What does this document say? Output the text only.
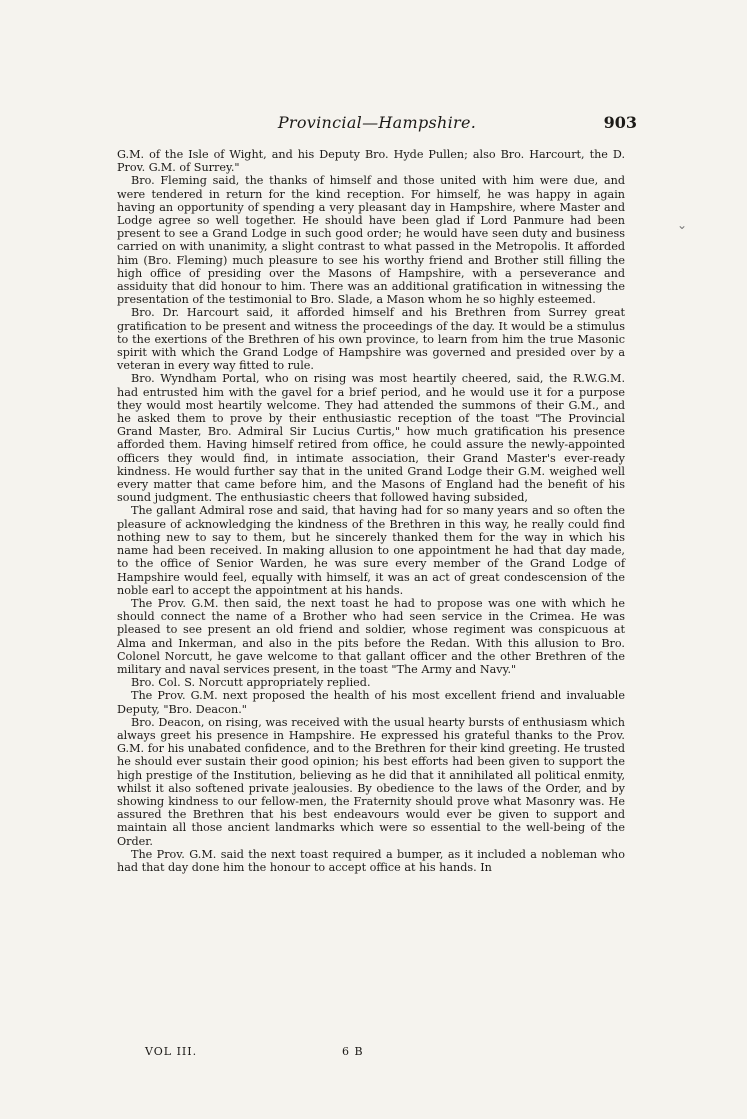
Provincial—Hampshire.	903
⌄

G.M. of the Isle of Wight, and his Deputy Bro. Hyde Pullen; also Bro. Harcourt, the D. Prov. G.M. of Surrey."

Bro. Fleming said, the thanks of himself and those united with him were due, and were tendered in return for the kind reception. For himself, he was happy in again having an opportunity of spending a very pleasant day in Hampshire, where Master and Lodge agree so well together. He should have been glad if Lord Panmure had been present to see a Grand Lodge in such good order; he would have seen duty and business carried on with unanimity, a slight contrast to what passed in the Metropolis. It afforded him (Bro. Fleming) much pleasure to see his worthy friend and Brother still filling the high office of presiding over the Masons of Hampshire, with a perseverance and assiduity that did honour to him. There was an additional gratification in witnessing the presentation of the testimonial to Bro. Slade, a Mason whom he so highly esteemed.

Bro. Dr. Harcourt said, it afforded himself and his Brethren from Surrey great gratification to be present and witness the proceedings of the day. It would be a stimulus to the exertions of the Brethren of his own province, to learn from him the true Masonic spirit with which the Grand Lodge of Hampshire was governed and presided over by a veteran in every way fitted to rule.

Bro. Wyndham Portal, who on rising was most heartily cheered, said, the R.W.G.M. had entrusted him with the gavel for a brief period, and he would use it for a purpose they would most heartily welcome. They had attended the summons of their G.M., and he asked them to prove by their enthusiastic reception of the toast "The Provincial Grand Master, Bro. Admiral Sir Lucius Curtis," how much gratification his presence afforded them. Having himself retired from office, he could assure the newly-appointed officers they would find, in intimate association, their Grand Master's ever-ready kindness. He would further say that in the united Grand Lodge their G.M. weighed well every matter that came before him, and the Masons of England had the benefit of his sound judgment. The enthusiastic cheers that followed having subsided,

The gallant Admiral rose and said, that having had for so many years and so often the pleasure of acknowledging the kindness of the Brethren in this way, he really could find nothing new to say to them, but he sincerely thanked them for the way in which his name had been received. In making allusion to one appointment he had that day made, to the office of Senior Warden, he was sure every member of the Grand Lodge of Hampshire would feel, equally with himself, it was an act of great condescension of the noble earl to accept the appointment at his hands.

The Prov. G.M. then said, the next toast he had to propose was one with which he should connect the name of a Brother who had seen service in the Crimea. He was pleased to see present an old friend and soldier, whose regiment was conspicuous at Alma and Inkerman, and also in the pits before the Redan. With this allusion to Bro. Colonel Norcutt, he gave welcome to that gallant officer and the other Brethren of the military and naval services present, in the toast "The Army and Navy."

Bro. Col. S. Norcutt appropriately replied.

The Prov. G.M. next proposed the health of his most excellent friend and invaluable Deputy, "Bro. Deacon."

Bro. Deacon, on rising, was received with the usual hearty bursts of enthusiasm which always greet his presence in Hampshire. He expressed his grateful thanks to the Prov. G.M. for his unabated confidence, and to the Brethren for their kind greeting. He trusted he should ever sustain their good opinion; his best efforts had been given to support the high prestige of the Institution, believing as he did that it annihilated all political enmity, whilst it also softened private jealousies. By obedience to the laws of the Order, and by showing kindness to our fellow-men, the Fraternity should prove what Masonry was. He assured the Brethren that his best endeavours would ever be given to support and maintain all those ancient landmarks which were so essential to the well-being of the Order.

The Prov. G.M. said the next toast required a bumper, as it included a nobleman who had that day done him the honour to accept office at his hands. In

VOL III.	6 B
